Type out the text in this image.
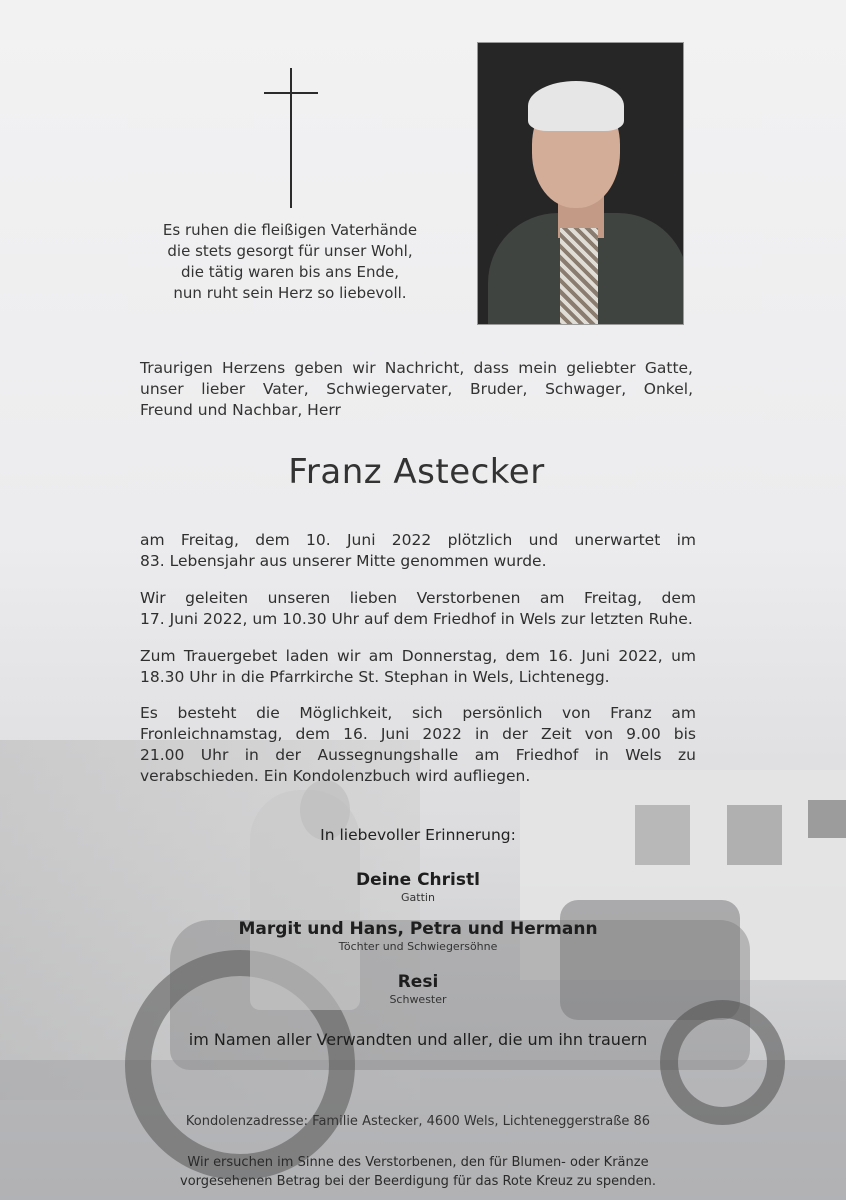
Es ruhen die fleißigen Vaterhände
die stets gesorgt für unser Wohl,
die tätig waren bis ans Ende,
nun ruht sein Herz so liebevoll.

Traurigen Herzens geben wir Nachricht, dass mein geliebter Gatte,

unser lieber Vater, Schwiegervater, Bruder, Schwager, Onkel,

Freund und Nachbar, Herr

Franz Astecker
am Freitag, dem 10. Juni 2022 plötzlich und unerwartet im
83. Lebensjahr aus unserer Mitte genommen wurde.
Wir geleiten unseren lieben Verstorbenen am Freitag, dem
17. Juni 2022, um 10.30 Uhr auf dem Friedhof in Wels zur letzten Ruhe.
Zum Trauergebet laden wir am Donnerstag, dem 16. Juni 2022, um
18.30 Uhr in die Pfarrkirche St. Stephan in Wels, Lichtenegg.
Es besteht die Möglichkeit, sich persönlich von Franz am
Fronleichnamstag, dem 16. Juni 2022 in der Zeit von 9.00 bis
21.00 Uhr in der Aussegnungshalle am Friedhof in Wels zu
verabschieden. Ein Kondolenzbuch wird aufliegen.
In liebevoller Erinnerung:
Deine Christl
Gattin
Margit und Hans, Petra und Hermann
Töchter und Schwiegersöhne
Resi
Schwester
im Namen aller Verwandten und aller, die um ihn trauern
Kondolenzadresse: Familie Astecker, 4600 Wels, Lichteneggerstraße 86
Wir ersuchen im Sinne des Verstorbenen, den für Blumen- oder Kränze
vorgesehenen Betrag bei der Beerdigung für das Rote Kreuz zu spenden.
